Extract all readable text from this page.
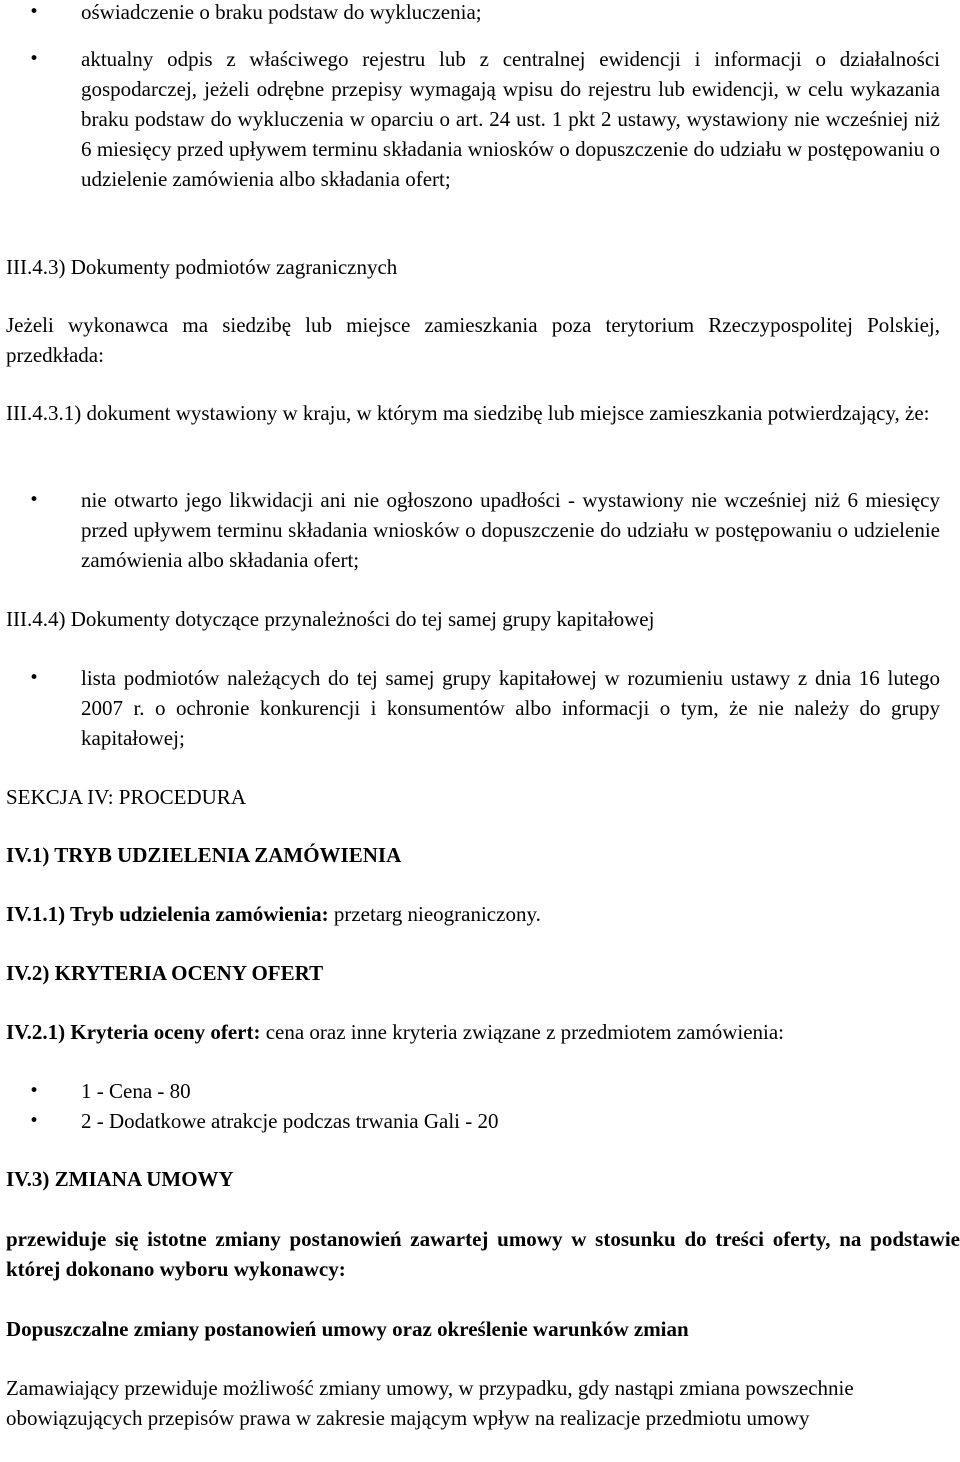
• oświadczenie o braku podstaw do wykluczenia;
• aktualny odpis z właściwego rejestru lub z centralnej ewidencji i informacji o działalności gospodarczej, jeżeli odrębne przepisy wymagają wpisu do rejestru lub ewidencji, w celu wykazania braku podstaw do wykluczenia w oparciu o art. 24 ust. 1 pkt 2 ustawy, wystawiony nie wcześniej niż 6 miesięcy przed upływem terminu składania wniosków o dopuszczenie do udziału w postępowaniu o udzielenie zamówienia albo składania ofert;

III.4.3) Dokumenty podmiotów zagranicznych

Jeżeli wykonawca ma siedzibę lub miejsce zamieszkania poza terytorium Rzeczypospolitej Polskiej, przedkłada:

III.4.3.1) dokument wystawiony w kraju, w którym ma siedzibę lub miejsce zamieszkania potwierdzający, że:

• nie otwarto jego likwidacji ani nie ogłoszono upadłości - wystawiony nie wcześniej niż 6 miesięcy przed upływem terminu składania wniosków o dopuszczenie do udziału w postępowaniu o udzielenie zamówienia albo składania ofert;

III.4.4) Dokumenty dotyczące przynależności do tej samej grupy kapitałowej

• lista podmiotów należących do tej samej grupy kapitałowej w rozumieniu ustawy z dnia 16 lutego 2007 r. o ochronie konkurencji i konsumentów albo informacji o tym, że nie należy do grupy kapitałowej;

SEKCJA IV: PROCEDURA

IV.1) TRYB UDZIELENIA ZAMÓWIENIA

IV.1.1) Tryb udzielenia zamówienia: przetarg nieograniczony.

IV.2) KRYTERIA OCENY OFERT

IV.2.1) Kryteria oceny ofert: cena oraz inne kryteria związane z przedmiotem zamówienia:

• 1 - Cena - 80
• 2 - Dodatkowe atrakcje podczas trwania Gali - 20

IV.3) ZMIANA UMOWY

przewiduje się istotne zmiany postanowień zawartej umowy w stosunku do treści oferty, na podstawie której dokonano wyboru wykonawcy:

Dopuszczalne zmiany postanowień umowy oraz określenie warunków zmian

Zamawiający przewiduje możliwość zmiany umowy, w przypadku, gdy nastąpi zmiana powszechnie obowiązujących przepisów prawa w zakresie mającym wpływ na realizacje przedmiotu umowy
